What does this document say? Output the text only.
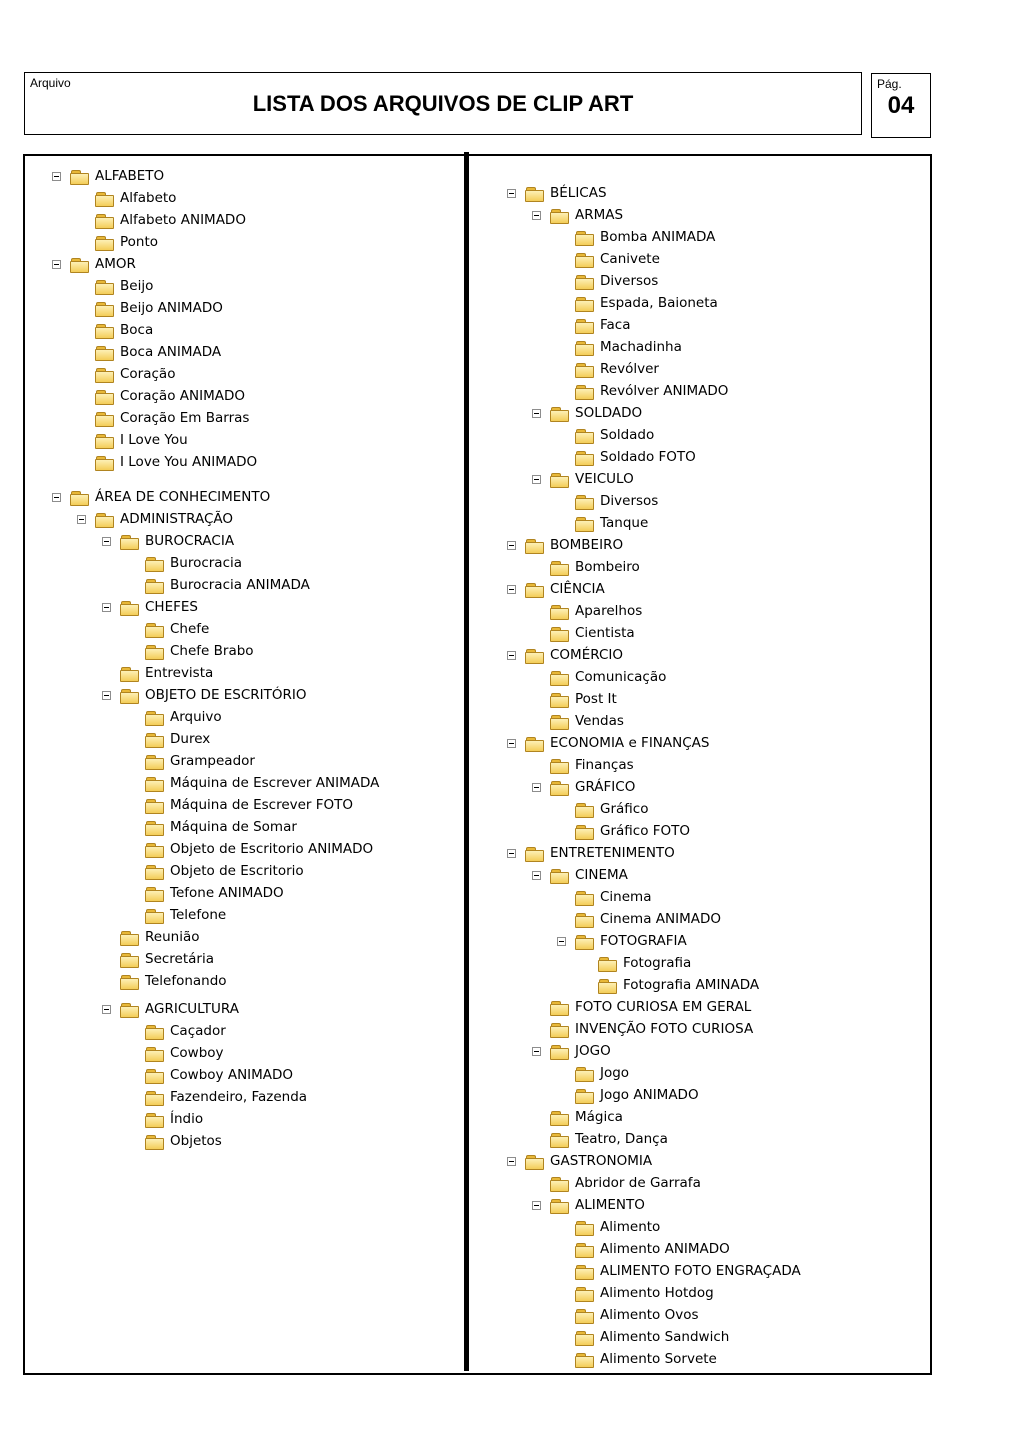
Arquivo
LISTA DOS ARQUIVOS DE CLIP ART
Pág.
04
ALFABETO
Alfabeto
Alfabeto ANIMADO
Ponto
AMOR
Beijo
Beijo ANIMADO
Boca
Boca ANIMADA
Coração
Coração ANIMADO
Coração Em Barras
I Love You
I Love You ANIMADO
ÁREA DE CONHECIMENTO
ADMINISTRAÇÃO
BUROCRACIA
Burocracia
Burocracia ANIMADA
CHEFES
Chefe
Chefe Brabo
Entrevista
OBJETO DE ESCRITÓRIO
Arquivo
Durex
Grampeador
Máquina de Escrever ANIMADA
Máquina de Escrever FOTO
Máquina de Somar
Objeto de Escritorio ANIMADO
Objeto de Escritorio
Tefone ANIMADO
Telefone
Reunião
Secretária
Telefonando
AGRICULTURA
Caçador
Cowboy
Cowboy ANIMADO
Fazendeiro, Fazenda
Índio
Objetos
BÉLICAS
ARMAS
Bomba ANIMADA
Canivete
Diversos
Espada, Baioneta
Faca
Machadinha
Revólver
Revólver ANIMADO
SOLDADO
Soldado
Soldado FOTO
VEICULO
Diversos
Tanque
BOMBEIRO
Bombeiro
CIÊNCIA
Aparelhos
Cientista
COMÉRCIO
Comunicação
Post It
Vendas
ECONOMIA e FINANÇAS
Finanças
GRÁFICO
Gráfico
Gráfico FOTO
ENTRETENIMENTO
CINEMA
Cinema
Cinema ANIMADO
FOTOGRAFIA
Fotografia
Fotografia AMINADA
FOTO CURIOSA EM GERAL
INVENÇÃO FOTO CURIOSA
JOGO
Jogo
Jogo ANIMADO
Mágica
Teatro, Dança
GASTRONOMIA
Abridor de Garrafa
ALIMENTO
Alimento
Alimento ANIMADO
ALIMENTO FOTO ENGRAÇADA
Alimento Hotdog
Alimento Ovos
Alimento Sandwich
Alimento Sorvete
